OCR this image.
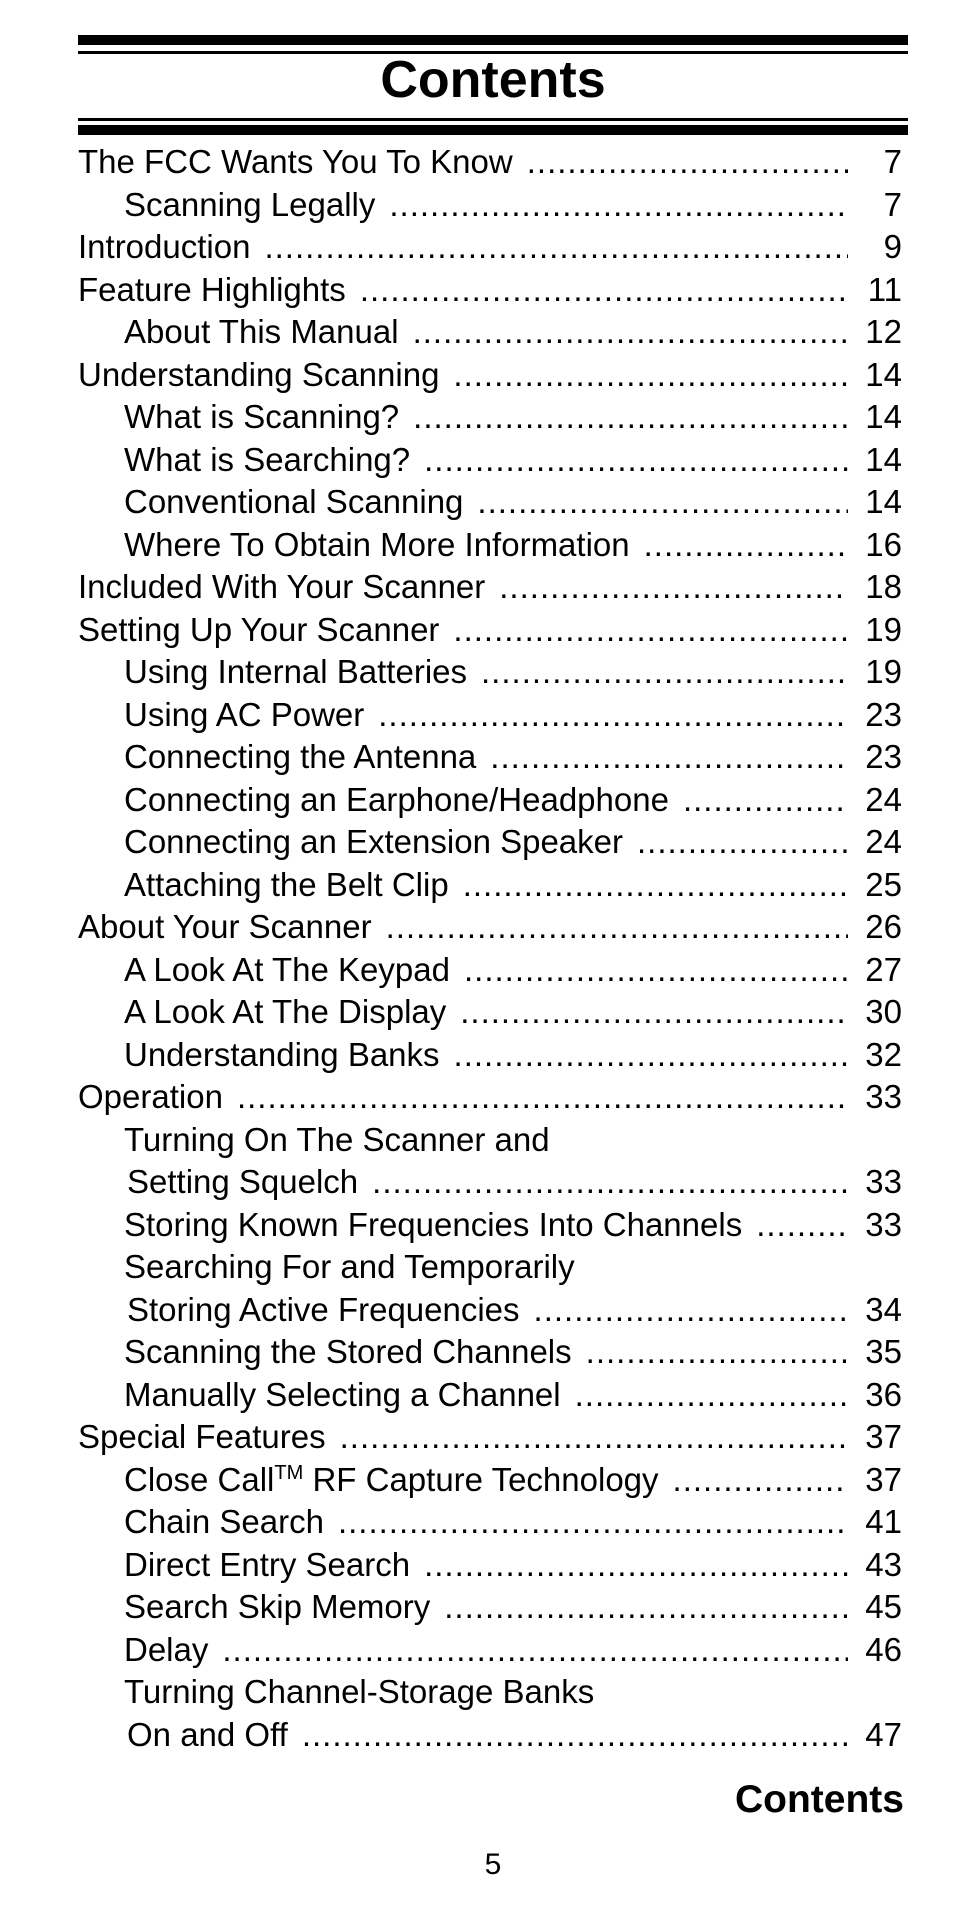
Contents
The FCC Wants You To Know .....	7
Scanning Legally .....	7
Introduction .....	9
Feature Highlights .....	11
About This Manual .....	12
Understanding Scanning .....	14
What is Scanning? .....	14
What is Searching? .....	14
Conventional Scanning .....	14
Where To Obtain More Information .....	16
Included With Your Scanner .....	18
Setting Up Your Scanner .....	19
Using Internal Batteries .....	19
Using AC Power .....	23
Connecting the Antenna .....	23
Connecting an Earphone/Headphone .....	24
Connecting an Extension Speaker .....	24
Attaching the Belt Clip .....	25
About Your Scanner .....	26
A Look At The Keypad .....	27
A Look At The Display .....	30
Understanding Banks .....	32
Operation .....	33
Turning On The Scanner and
Setting Squelch .....	33
Storing Known Frequencies Into Channels .....	33
Searching For and Temporarily
Storing Active Frequencies .....	34
Scanning the Stored Channels .....	35
Manually Selecting a Channel .....	36
Special Features .....	37
Close Call™ RF Capture Technology .....	37
Chain Search .....	41
Direct Entry Search .....	43
Search Skip Memory .....	45
Delay .....	46
Turning Channel-Storage Banks
On and Off .....	47
Contents
5
